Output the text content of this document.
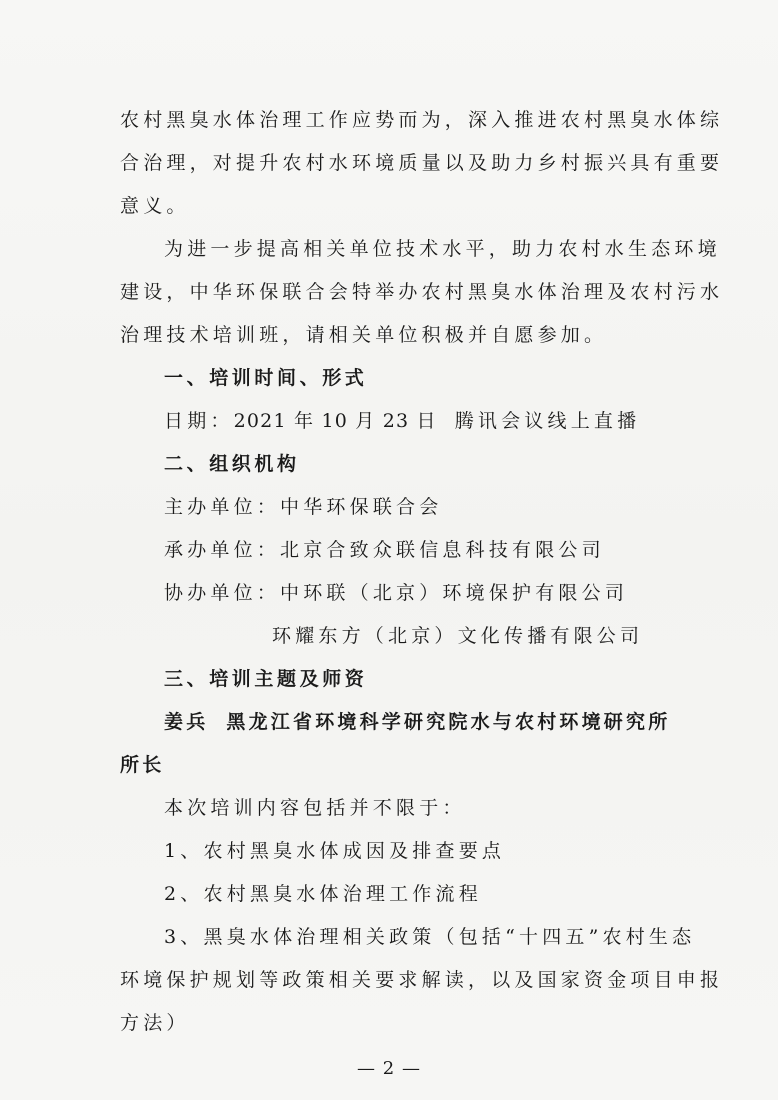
农村黑臭水体治理工作应势而为，深入推进农村黑臭水体综
合治理，对提升农村水环境质量以及助力乡村振兴具有重要
意义。
为进一步提高相关单位技术水平，助力农村水生态环境
建设，中华环保联合会特举办农村黑臭水体治理及农村污水
治理技术培训班，请相关单位积极并自愿参加。
一、培训时间、形式
日期：2021 年 10 月 23 日 腾讯会议线上直播
二、组织机构
主办单位：中华环保联合会
承办单位：北京合致众联信息科技有限公司
协办单位：中环联（北京）环境保护有限公司
环耀东方（北京）文化传播有限公司
三、培训主题及师资
姜兵 黑龙江省环境科学研究院水与农村环境研究所
所长
本次培训内容包括并不限于：
1、农村黑臭水体成因及排查要点
2、农村黑臭水体治理工作流程
3、黑臭水体治理相关政策（包括“十四五”农村生态
环境保护规划等政策相关要求解读，以及国家资金项目申报
方法）
— 2 —
